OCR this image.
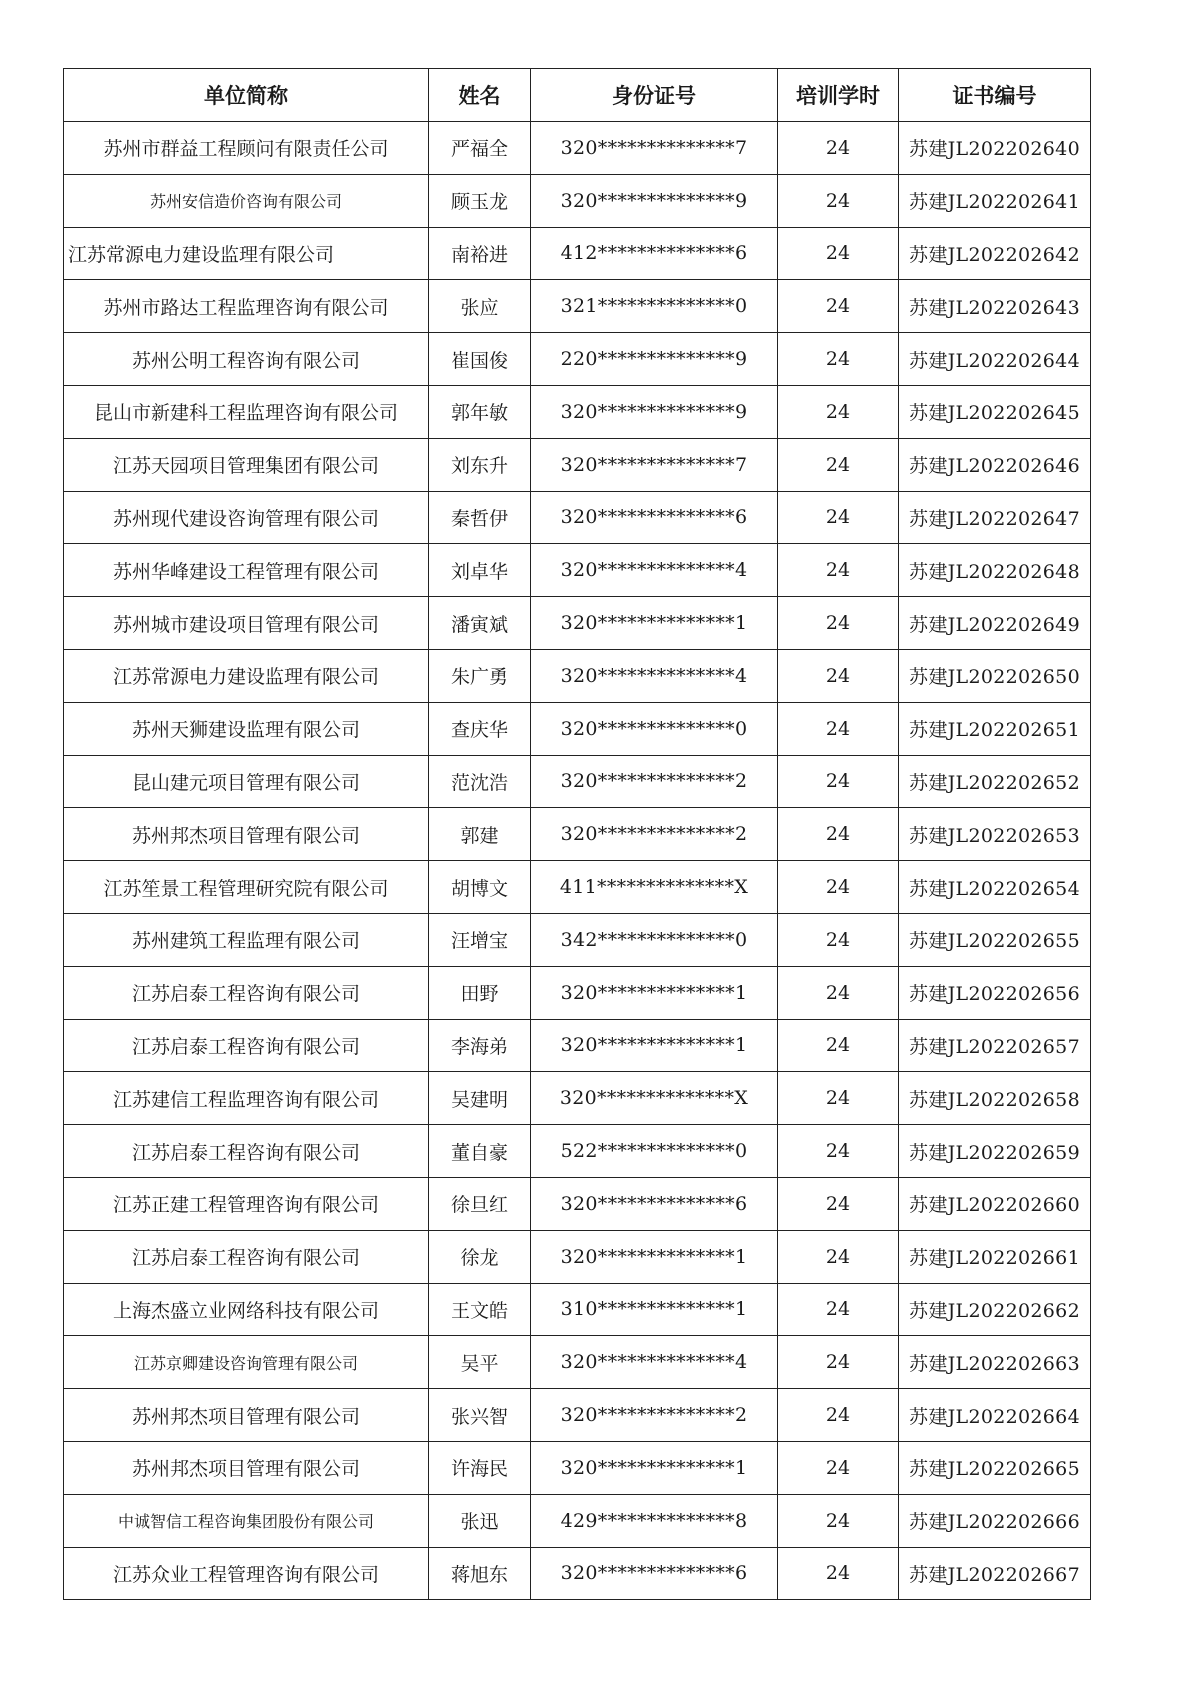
单位简称	姓名	身份证号	培训学时	证书编号
苏州市群益工程顾问有限责任公司	严福全	320**************7	24	苏建JL202202640
苏州安信造价咨询有限公司	顾玉龙	320**************9	24	苏建JL202202641
江苏常源电力建设监理有限公司	南裕进	412**************6	24	苏建JL202202642
苏州市路达工程监理咨询有限公司	张应	321**************0	24	苏建JL202202643
苏州公明工程咨询有限公司	崔国俊	220**************9	24	苏建JL202202644
昆山市新建科工程监理咨询有限公司	郭年敏	320**************9	24	苏建JL202202645
江苏天园项目管理集团有限公司	刘东升	320**************7	24	苏建JL202202646
苏州现代建设咨询管理有限公司	秦哲伊	320**************6	24	苏建JL202202647
苏州华峰建设工程管理有限公司	刘卓华	320**************4	24	苏建JL202202648
苏州城市建设项目管理有限公司	潘寅斌	320**************1	24	苏建JL202202649
江苏常源电力建设监理有限公司	朱广勇	320**************4	24	苏建JL202202650
苏州天狮建设监理有限公司	查庆华	320**************0	24	苏建JL202202651
昆山建元项目管理有限公司	范沈浩	320**************2	24	苏建JL202202652
苏州邦杰项目管理有限公司	郭建	320**************2	24	苏建JL202202653
江苏笙景工程管理研究院有限公司	胡博文	411**************X	24	苏建JL202202654
苏州建筑工程监理有限公司	汪增宝	342**************0	24	苏建JL202202655
江苏启泰工程咨询有限公司	田野	320**************1	24	苏建JL202202656
江苏启泰工程咨询有限公司	李海弟	320**************1	24	苏建JL202202657
江苏建信工程监理咨询有限公司	吴建明	320**************X	24	苏建JL202202658
江苏启泰工程咨询有限公司	董自豪	522**************0	24	苏建JL202202659
江苏正建工程管理咨询有限公司	徐旦红	320**************6	24	苏建JL202202660
江苏启泰工程咨询有限公司	徐龙	320**************1	24	苏建JL202202661
上海杰盛立业网络科技有限公司	王文皓	310**************1	24	苏建JL202202662
江苏京卿建设咨询管理有限公司	吴平	320**************4	24	苏建JL202202663
苏州邦杰项目管理有限公司	张兴智	320**************2	24	苏建JL202202664
苏州邦杰项目管理有限公司	许海民	320**************1	24	苏建JL202202665
中诚智信工程咨询集团股份有限公司	张迅	429**************8	24	苏建JL202202666
江苏众业工程管理咨询有限公司	蒋旭东	320**************6	24	苏建JL202202667
